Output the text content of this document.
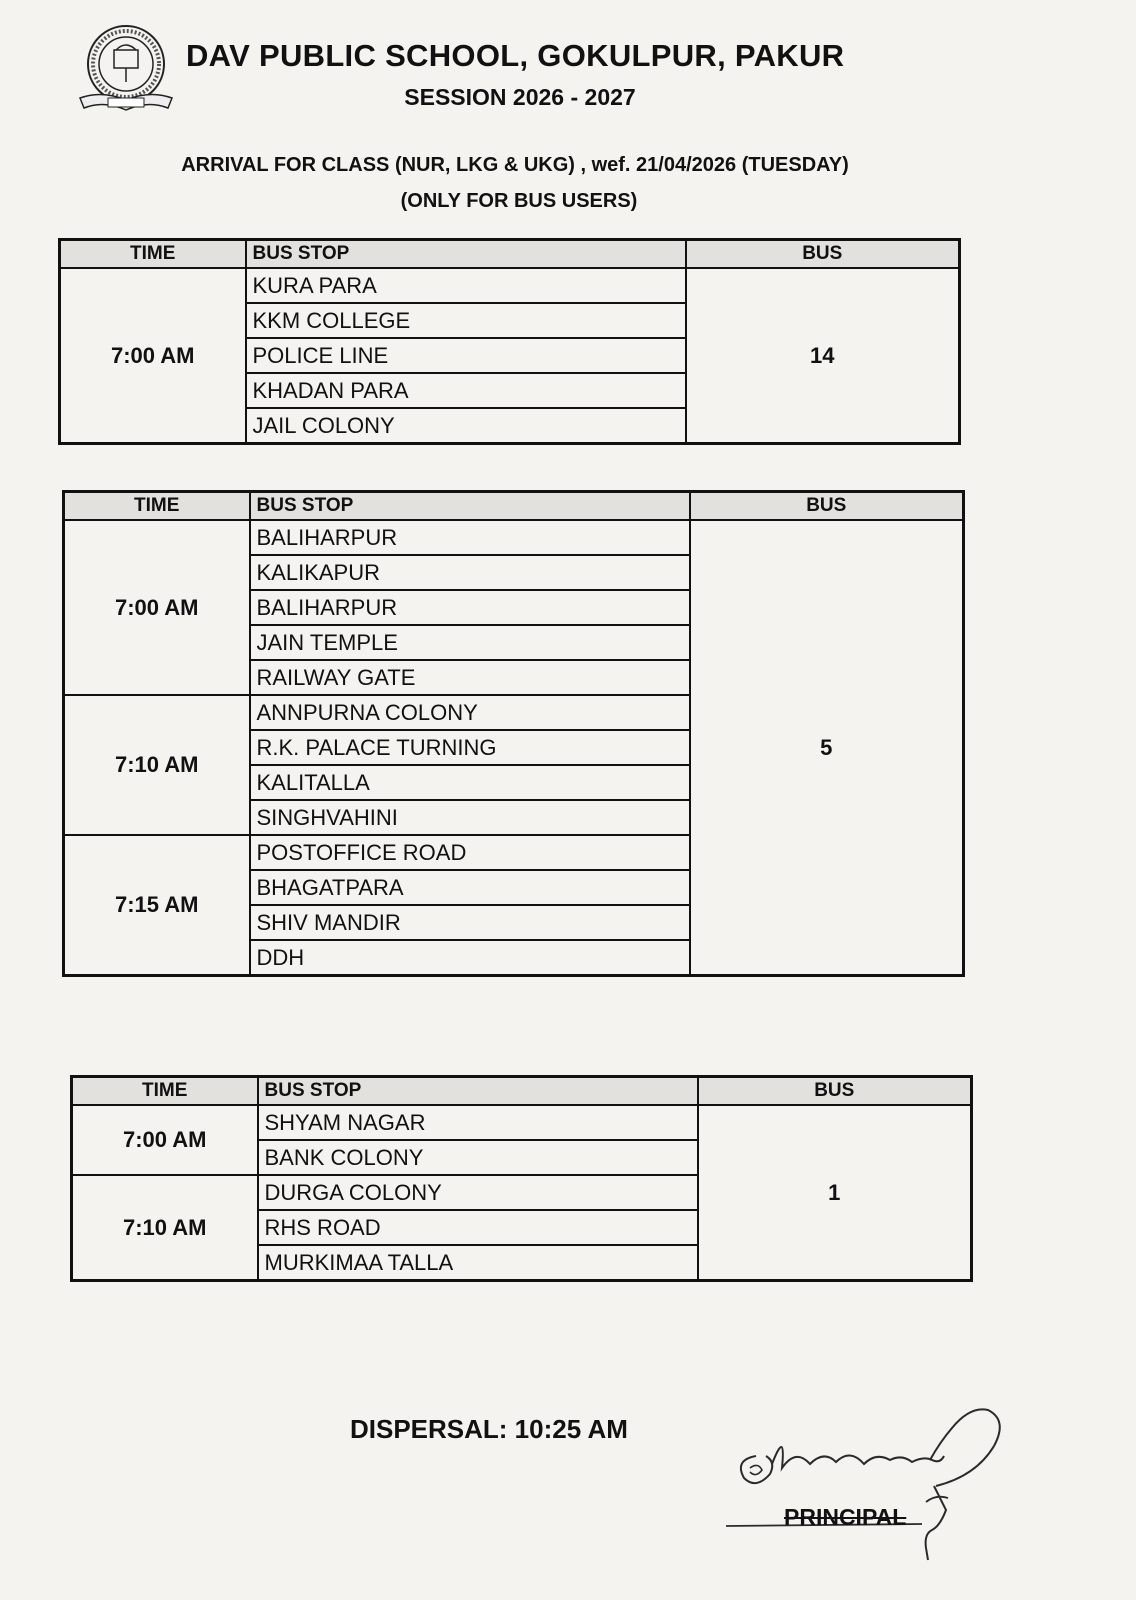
DAV PUBLIC SCHOOL, GOKULPUR, PAKUR
SESSION 2026 - 2027
ARRIVAL FOR CLASS (NUR, LKG & UKG) , wef. 21/04/2026 (TUESDAY)
(ONLY FOR BUS USERS)
TIME	BUS STOP	BUS
7:00 AM	KURA PARA	14
	KKM COLLEGE	
	POLICE LINE	
	KHADAN PARA	
	JAIL COLONY	
TIME	BUS STOP	BUS
7:00 AM	BALIHARPUR	5
	KALIKAPUR	
	BALIHARPUR	
	JAIN TEMPLE	
	RAILWAY GATE	
7:10 AM	ANNPURNA COLONY	
	R.K. PALACE TURNING	
	KALITALLA	
	SINGHVAHINI	
7:15 AM	POSTOFFICE ROAD	
	BHAGATPARA	
	SHIV MANDIR	
	DDH	
TIME	BUS STOP	BUS
7:00 AM	SHYAM NAGAR	1
	BANK COLONY	
7:10 AM	DURGA COLONY	
	RHS ROAD	
	MURKIMAA TALLA	
DISPERSAL: 10:25 AM
PRINCIPAL
